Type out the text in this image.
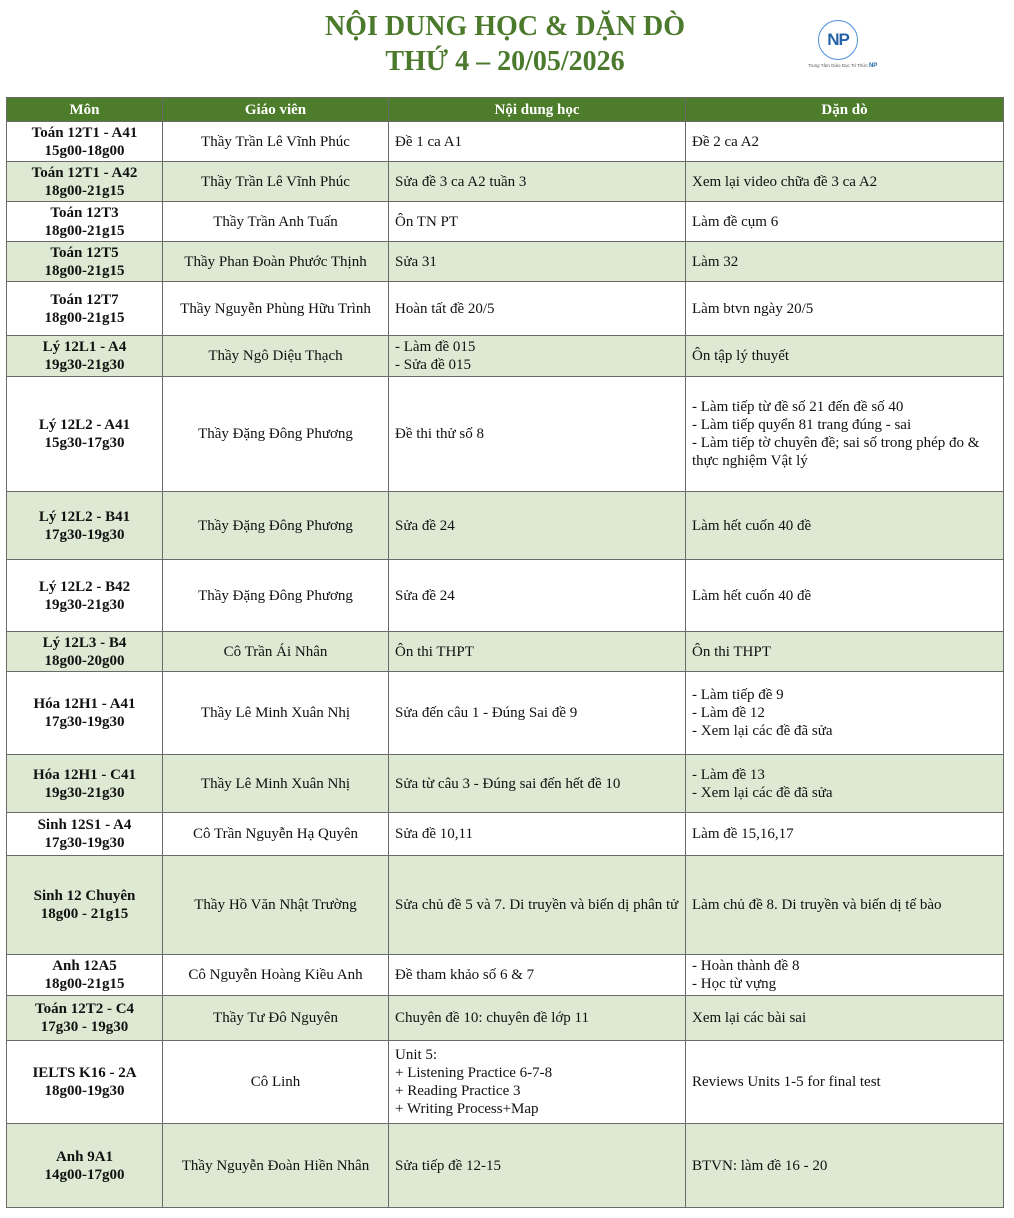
NỘI DUNG HỌC & DẶN DÒ
THỨ 4 – 20/05/2026
NP
Trung Tâm Giáo Dục Tri Thức NP
Môn	Giáo viên	Nội dung học	Dặn dò

Toán 12T1 - A41
15g00-18g00	Thầy Trần Lê Vĩnh Phúc	Đề 1 ca A1	Đề 2 ca A2

Toán 12T1 - A42
18g00-21g15	Thầy Trần Lê Vĩnh Phúc	Sửa đề 3 ca A2 tuần 3	Xem lại video chữa đề 3 ca A2

Toán 12T3
18g00-21g15	Thầy Trần Anh Tuấn	Ôn TN PT	Làm đề cụm 6

Toán 12T5
18g00-21g15	Thầy Phan Đoàn Phước Thịnh	Sửa 31	Làm 32

Toán 12T7
18g00-21g15	Thầy Nguyễn Phùng Hữu Trình	Hoàn tất đề 20/5	Làm btvn ngày 20/5

Lý 12L1 - A4
19g30-21g30	Thầy Ngô Diệu Thạch	- Làm đề 015
- Sửa đề 015	Ôn tập lý thuyết

Lý 12L2 - A41
15g30-17g30	Thầy Đặng Đông Phương	Đề thi thử số 8	- Làm tiếp từ đề số 21 đến đề số 40
- Làm tiếp quyển 81 trang đúng - sai
- Làm tiếp tờ chuyên đề; sai số trong phép đo & thực nghiệm Vật lý

Lý 12L2 - B41
17g30-19g30	Thầy Đặng Đông Phương	Sửa đề 24	Làm hết cuốn 40 đề

Lý 12L2 - B42
19g30-21g30	Thầy Đặng Đông Phương	Sửa đề 24	Làm hết cuốn 40 đề

Lý 12L3 - B4
18g00-20g00	Cô Trần Ái Nhân	Ôn thi THPT	Ôn thi THPT

Hóa 12H1 - A41
17g30-19g30	Thầy Lê Minh Xuân Nhị	Sửa đến câu 1 - Đúng Sai đề 9	- Làm tiếp đề 9
- Làm đề 12
- Xem lại các đề đã sửa

Hóa 12H1 - C41
19g30-21g30	Thầy Lê Minh Xuân Nhị	Sửa từ câu 3 - Đúng sai đến hết đề 10	- Làm đề 13
- Xem lại các đề đã sửa

Sinh 12S1 - A4
17g30-19g30	Cô Trần Nguyễn Hạ Quyên	Sửa đề 10,11	Làm đề 15,16,17

Sinh 12 Chuyên
18g00 - 21g15	Thầy Hồ Văn Nhật Trường	Sửa chủ đề 5 và 7. Di truyền và biến dị phân tử	Làm chủ đề 8. Di truyền và biến dị tế bào

Anh 12A5
18g00-21g15	Cô Nguyễn Hoàng Kiều Anh	Đề tham khảo số 6 & 7	- Hoàn thành đề 8
- Học từ vựng

Toán 12T2 - C4
17g30 - 19g30	Thầy Tư Đô Nguyên	Chuyên đề 10: chuyên đề lớp 11	Xem lại các bài sai

IELTS K16 - 2A
18g00-19g30	Cô Linh	Unit 5:
+ Listening Practice 6-7-8
+ Reading Practice 3
+ Writing Process+Map	Reviews Units 1-5 for final test

Anh 9A1
14g00-17g00	Thầy Nguyễn Đoàn Hiền Nhân	Sửa tiếp đề 12-15	BTVN: làm đề 16 - 20
